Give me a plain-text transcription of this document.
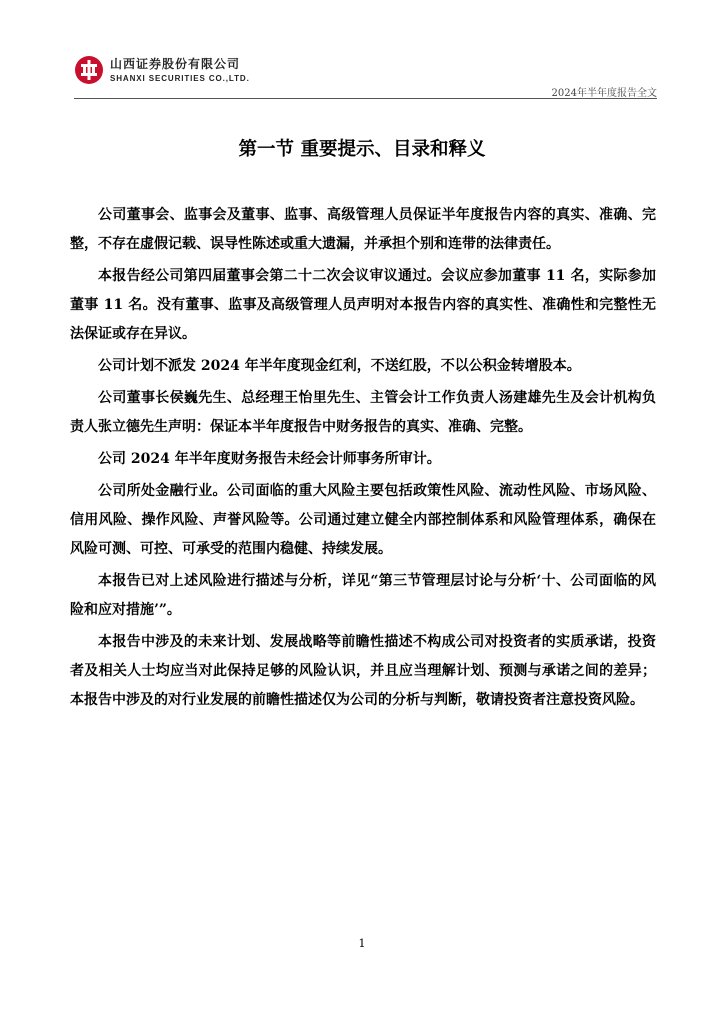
山西证券股份有限公司
SHANXI SECURITIES CO.,LTD.
2024年半年度报告全文
第一节 重要提示、目录和释义

公司董事会、监事会及董事、监事、高级管理人员保证半年度报告内容的真实、准确、完整，不存在虚假记载、误导性陈述或重大遗漏，并承担个别和连带的法律责任。

本报告经公司第四届董事会第二十二次会议审议通过。会议应参加董事 11 名，实际参加董事 11 名。没有董事、监事及高级管理人员声明对本报告内容的真实性、准确性和完整性无法保证或存在异议。

公司计划不派发 2024 年半年度现金红利，不送红股，不以公积金转增股本。

公司董事长侯巍先生、总经理王怡里先生、主管会计工作负责人汤建雄先生及会计机构负责人张立德先生声明：保证本半年度报告中财务报告的真实、准确、完整。

公司 2024 年半年度财务报告未经会计师事务所审计。

公司所处金融行业。公司面临的重大风险主要包括政策性风险、流动性风险、市场风险、信用风险、操作风险、声誉风险等。公司通过建立健全内部控制体系和风险管理体系，确保在风险可测、可控、可承受的范围内稳健、持续发展。

本报告已对上述风险进行描述与分析，详见“第三节管理层讨论与分析‘十、公司面临的风险和应对措施’”。

本报告中涉及的未来计划、发展战略等前瞻性描述不构成公司对投资者的实质承诺，投资者及相关人士均应当对此保持足够的风险认识，并且应当理解计划、预测与承诺之间的差异；本报告中涉及的对行业发展的前瞻性描述仅为公司的分析与判断，敬请投资者注意投资风险。

1
